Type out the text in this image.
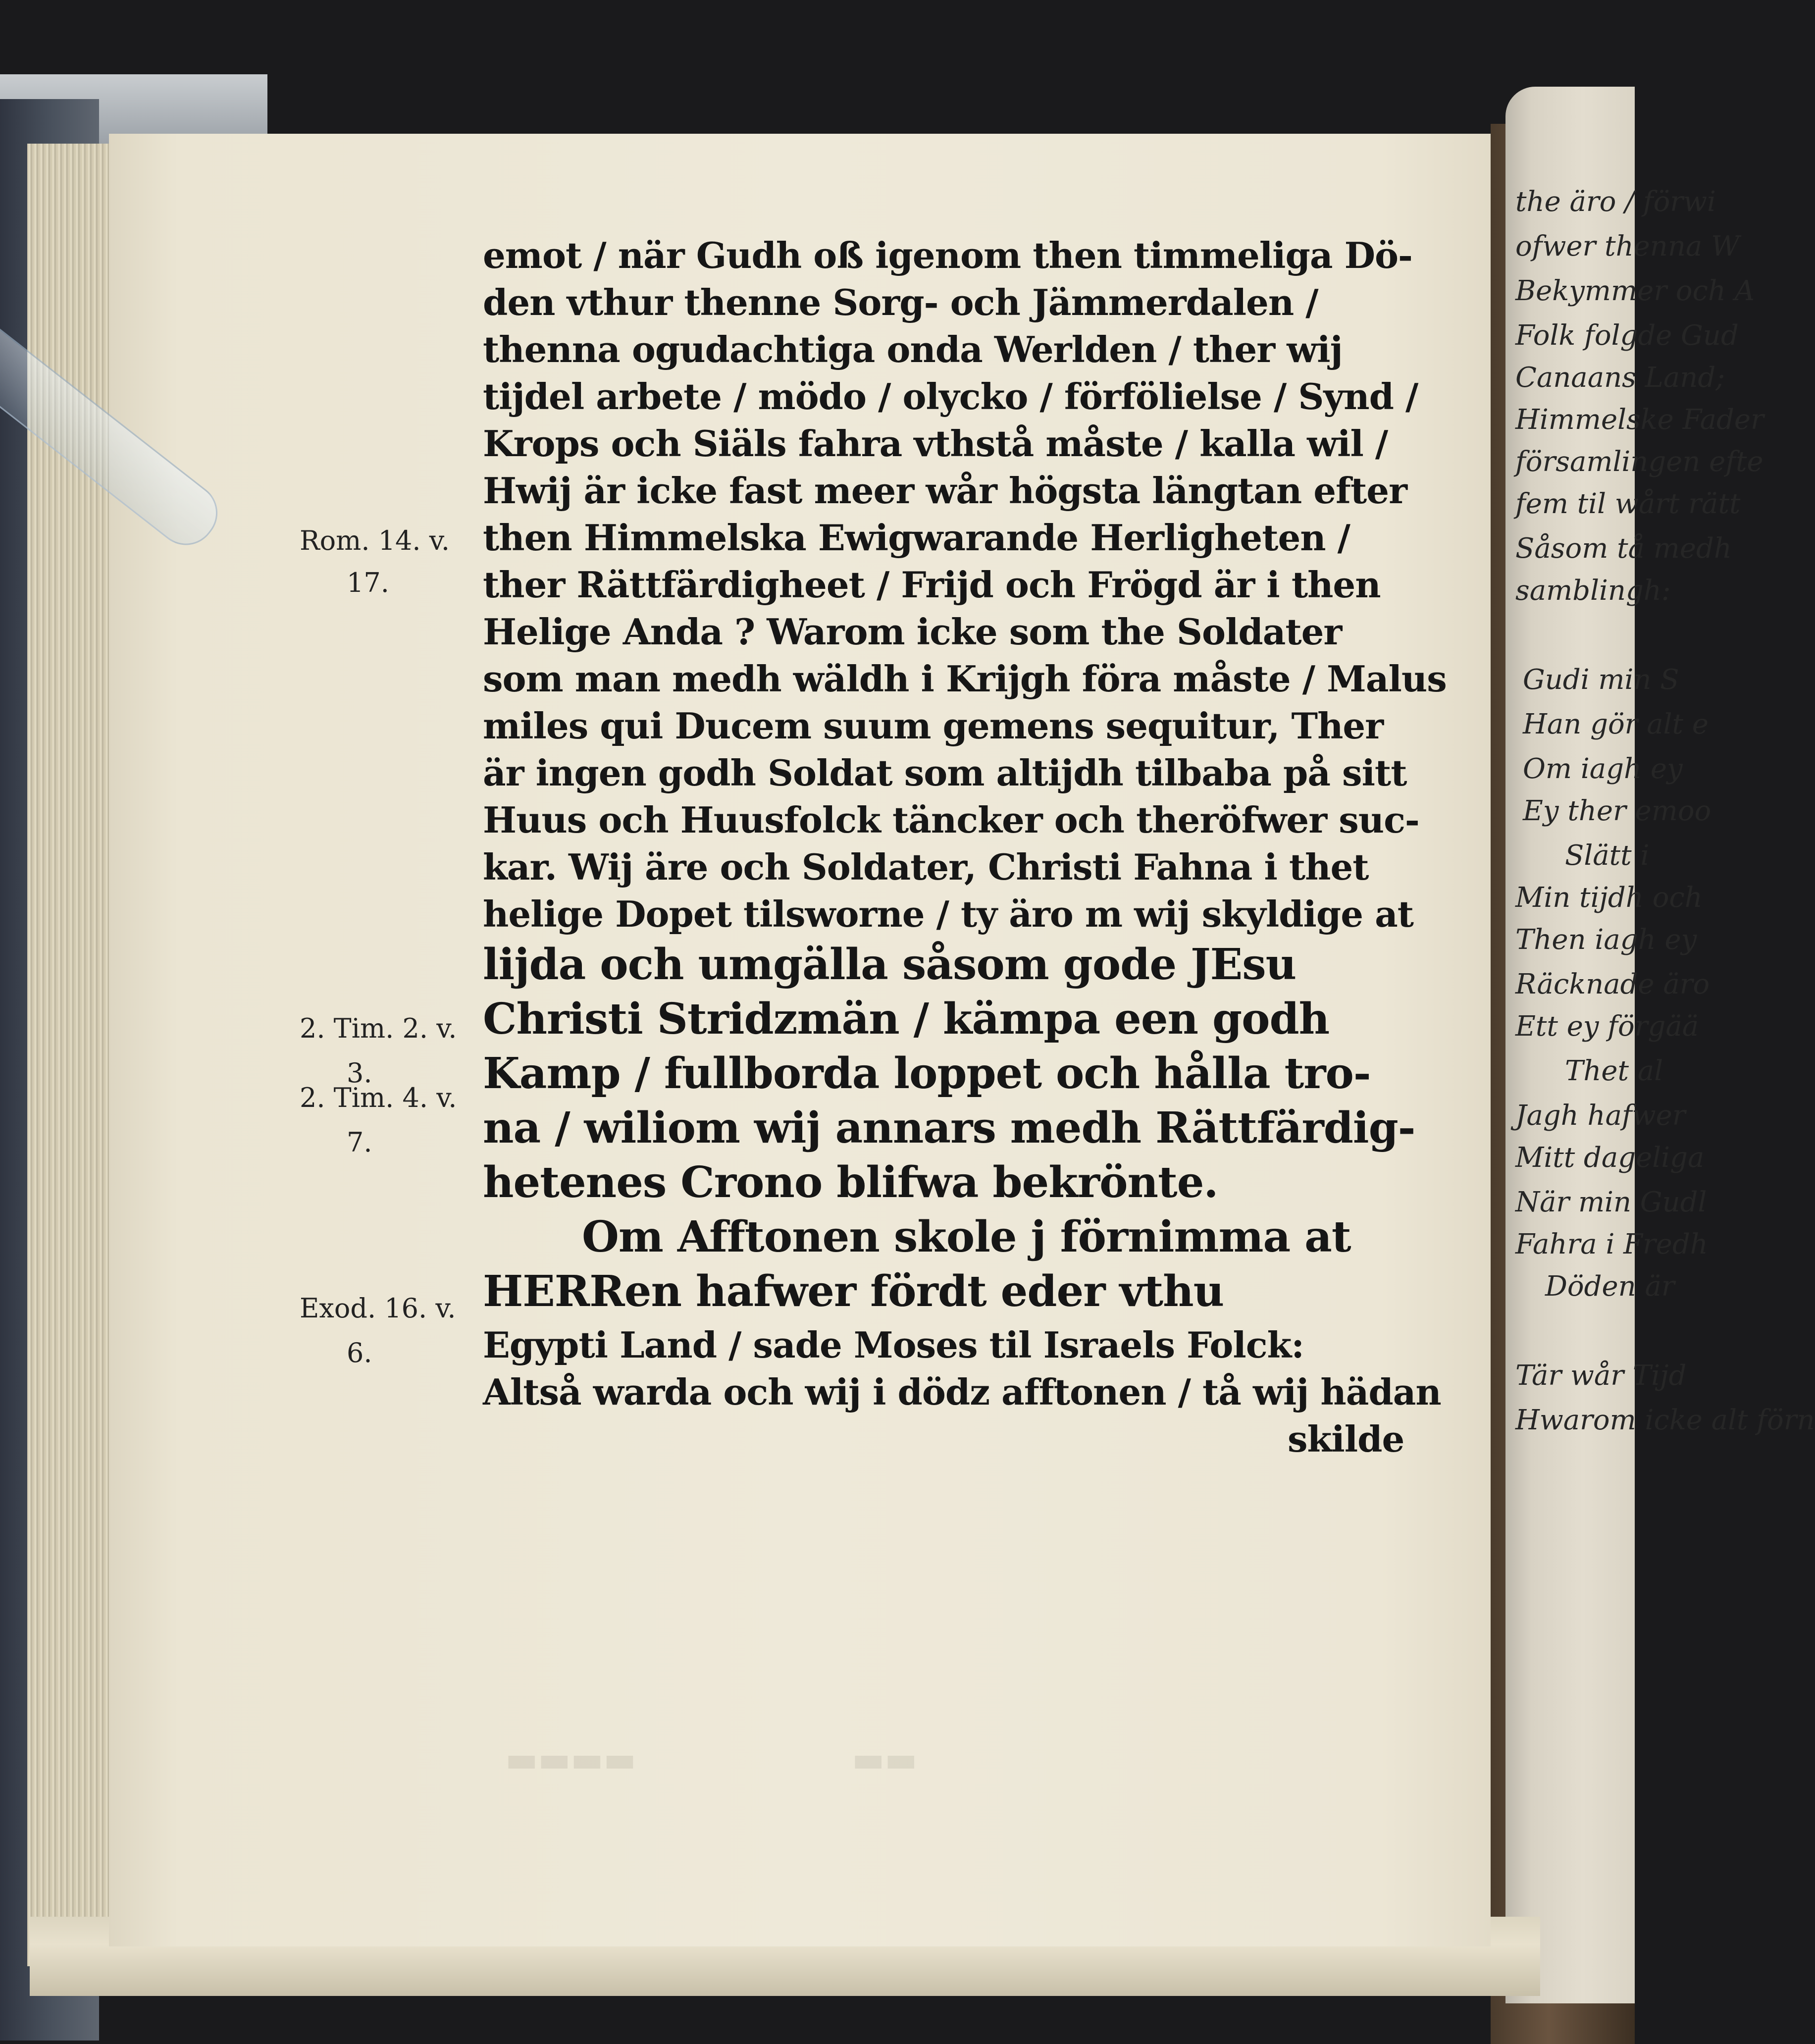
the äro / förwi
ofwer thenna W
Bekymmer och A
Folk folgde Gud
Canaans Land;
Himmelske Fader
församlingen efte
fem til wårt rätt
Såsom tå medh
samblingh:
Gudi min S
Han gör alt e
Om iagh ey
Ey ther emoo
Slätt i
Min tijdh och
Then iagh ey
Räcknade äro
Ett ey förgää
Thet al
Jagh hafwer
Mitt dageliga
När min Gudl
Fahra i Fredh
Döden är
Tär wår Tijd
Hwarom icke alt förn
▬▬▬▬	▬▬
emot / när Gudh oß igenom then timmeliga Dö-
den vthur thenne Sorg- och Jämmerdalen /
thenna ogudachtiga onda Werlden / ther wij
tijdel arbete / mödo / olycko / förfölielse / Synd /
Krops och Siäls fahra vthstå måste / kalla wil /
Hwij är icke fast meer wår högsta längtan efter
then Himmelska Ewigwarande Herligheten /
ther Rättfärdigheet / Frijd och Frögd är i then
Helige Anda ? Warom icke som the Soldater
som man medh wäldh i Krijgh föra måste / Malus
miles qui Ducem suum gemens sequitur, Ther
är ingen godh Soldat som altijdh tilbaba på sitt
Huus och Huusfolck täncker och theröfwer suc-
kar. Wij äre och Soldater, Christi Fahna i thet
helige Dopet tilsworne / ty äro m wij skyldige at
lijda och umgälla såsom gode JEsu
Christi Stridzmän / kämpa een godh
Kamp / fullborda loppet och hålla tro-
na / wiliom wij annars medh Rättfärdig-
hetenes Crono blifwa bekrönte.
Om Afftonen skole j förnimma at
HERRen hafwer fördt eder vthu
Egypti Land / sade Moses til Israels Folck:
Altså warda och wij i dödz afftonen / tå wij hädan
skilde
Rom. 14. v.
17.
2. Tim. 2. v.
3.
2. Tim. 4. v.
7.
Exod. 16. v.
6.
